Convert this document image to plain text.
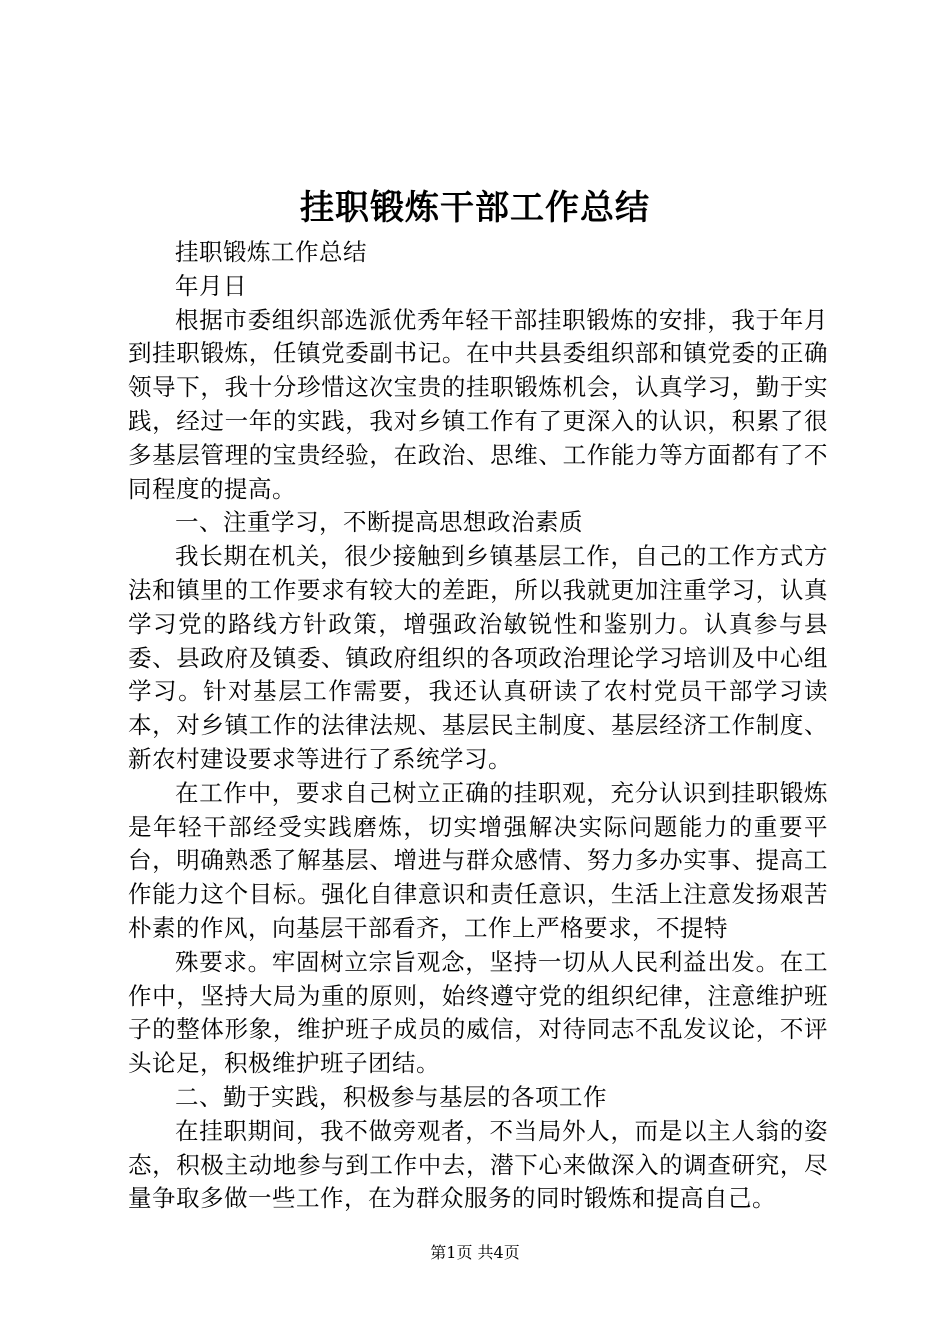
挂职锻炼干部工作总结

挂职锻炼工作总结

年月日

根据市委组织部选派优秀年轻干部挂职锻炼的安排，我于年月到挂职锻炼，任镇党委副书记。在中共县委组织部和镇党委的正确领导下，我十分珍惜这次宝贵的挂职锻炼机会，认真学习，勤于实践，经过一年的实践，我对乡镇工作有了更深入的认识，积累了很多基层管理的宝贵经验，在政治、思维、工作能力等方面都有了不同程度的提高。

一、注重学习，不断提高思想政治素质

我长期在机关，很少接触到乡镇基层工作，自己的工作方式方法和镇里的工作要求有较大的差距，所以我就更加注重学习，认真学习党的路线方针政策，增强政治敏锐性和鉴别力。认真参与县委、县政府及镇委、镇政府组织的各项政治理论学习培训及中心组学习。针对基层工作需要，我还认真研读了农村党员干部学习读本，对乡镇工作的法律法规、基层民主制度、基层经济工作制度、新农村建设要求等进行了系统学习。

在工作中，要求自己树立正确的挂职观，充分认识到挂职锻炼是年轻干部经受实践磨炼，切实增强解决实际问题能力的重要平台，明确熟悉了解基层、增进与群众感情、努力多办实事、提高工作能力这个目标。强化自律意识和责任意识，生活上注意发扬艰苦朴素的作风，向基层干部看齐，工作上严格要求，不提特

殊要求。牢固树立宗旨观念，坚持一切从人民利益出发。在工作中，坚持大局为重的原则，始终遵守党的组织纪律，注意维护班子的整体形象，维护班子成员的威信，对待同志不乱发议论，不评头论足，积极维护班子团结。

二、勤于实践，积极参与基层的各项工作

在挂职期间，我不做旁观者，不当局外人，而是以主人翁的姿态，积极主动地参与到工作中去，潜下心来做深入的调查研究，尽量争取多做一些工作，在为群众服务的同时锻炼和提高自己。

第1页 共4页
